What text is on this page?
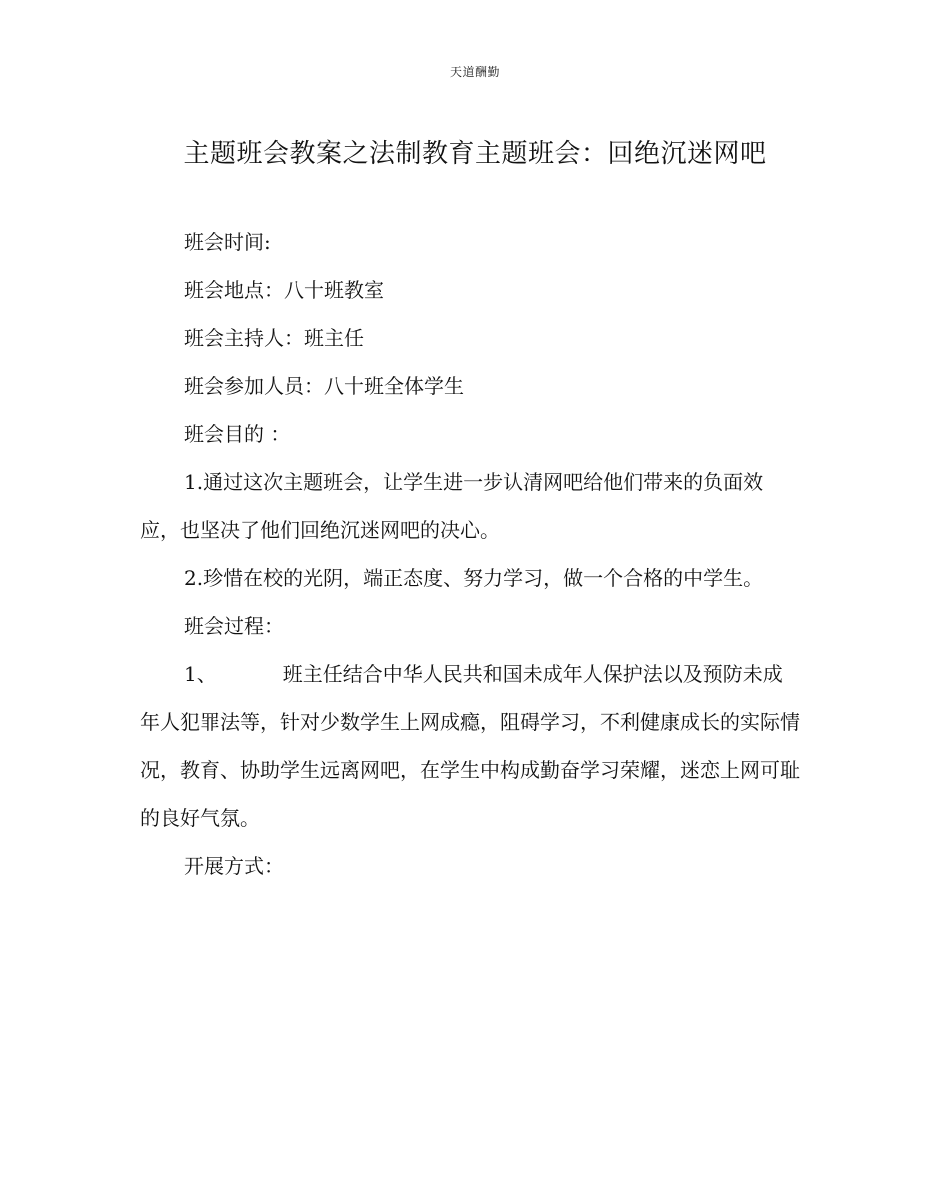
天道酬勤
主题班会教案之法制教育主题班会：回绝沉迷网吧

班会时间:

班会地点：八十班教室

班会主持人：班主任

班会参加人员：八十班全体学生

班会目的 ：

1.通过这次主题班会，让学生进一步认清网吧给他们带来的负面效应，也坚决了他们回绝沉迷网吧的决心。

2.珍惜在校的光阴，端正态度、努力学习，做一个合格的中学生。

班会过程：

1、	班主任结合中华人民共和国未成年人保护法以及预防未成年人犯罪法等，针对少数学生上网成瘾，阻碍学习，不利健康成长的实际情况，教育、协助学生远离网吧，在学生中构成勤奋学习荣耀，迷恋上网可耻的良好气氛。

开展方式：
